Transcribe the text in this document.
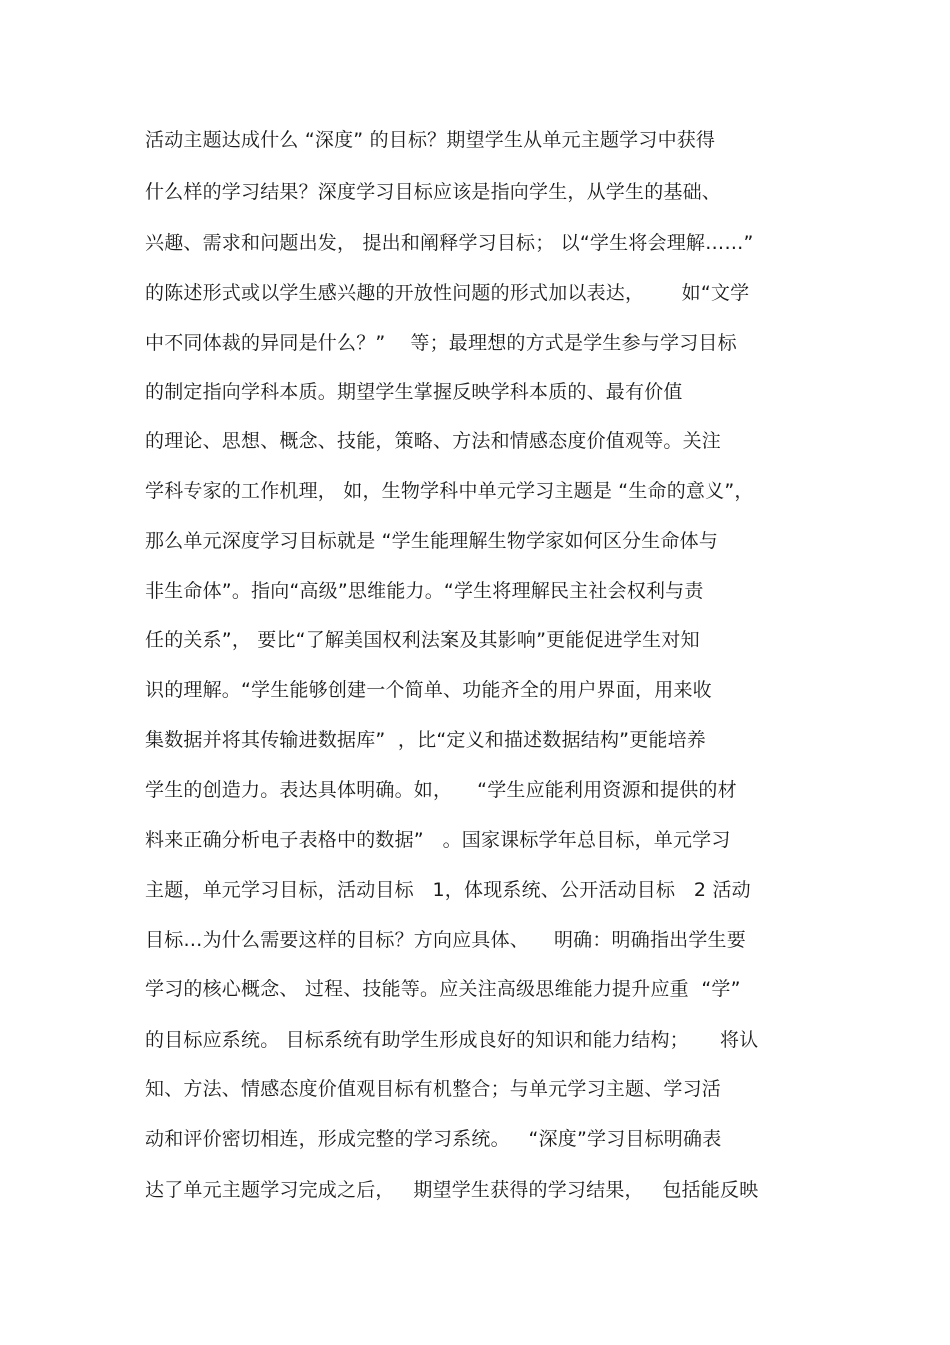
活动主题达成什么 “深度” 的目标？期望学生从单元主题学习中获得
什么样的学习结果？深度学习目标应该是指向学生，从学生的基础、
兴趣、需求和问题出发， 提出和阐释学习目标； 以“学生将会理解……”
的陈述形式或以学生感兴趣的开放性问题的形式加以表达，      如“文学
中不同体裁的异同是什么？”    等；最理想的方式是学生参与学习目标
的制定指向学科本质。期望学生掌握反映学科本质的、最有价值
的理论、思想、概念、技能，策略、方法和情感态度价值观等。关注
学科专家的工作机理， 如，生物学科中单元学习主题是 “生命的意义”，
那么单元深度学习目标就是 “学生能理解生物学家如何区分生命体与
非生命体”。指向“高级”思维能力。“学生将理解民主社会权利与责
任的关系”， 要比“了解美国权利法案及其影响”更能促进学生对知
识的理解。“学生能够创建一个简单、功能齐全的用户界面，用来收
集数据并将其传输进数据库”  ，比“定义和描述数据结构”更能培养
学生的创造力。表达具体明确。如，    “学生应能利用资源和提供的材
料来正确分析电子表格中的数据”   。国家课标学年总目标，单元学习
主题，单元学习目标，活动目标   1，体现系统、公开活动目标   2 活动
目标…为什么需要这样的目标？方向应具体、    明确：明确指出学生要
学习的核心概念、 过程、技能等。应关注高级思维能力提升应重  “学”
的目标应系统。 目标系统有助学生形成良好的知识和能力结构；     将认
知、方法、情感态度价值观目标有机整合；与单元学习主题、学习活
动和评价密切相连，形成完整的学习系统。   “深度”学习目标明确表
达了单元主题学习完成之后，   期望学生获得的学习结果，   包括能反映
